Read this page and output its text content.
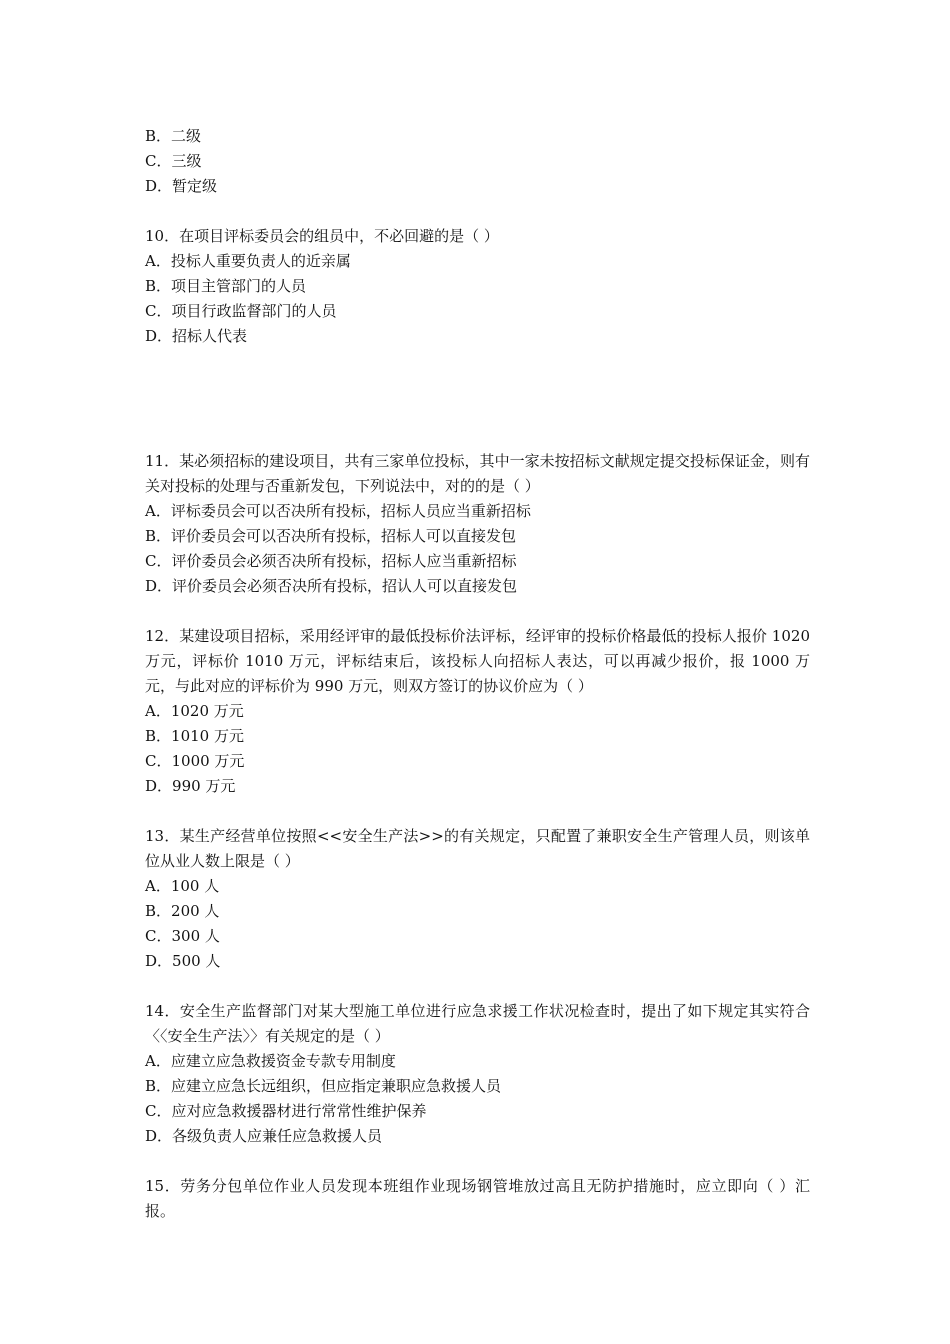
B．二级
C．三级
D．暂定级
10．在项目评标委员会的组员中，不必回避的是（ ）
A．投标人重要负责人的近亲属
B．项目主管部门的人员
C．项目行政监督部门的人员
D．招标人代表
11．某必须招标的建设项目，共有三家单位投标，其中一家未按招标文献规定提交投标保证金，则有关对投标的处理与否重新发包，下列说法中，对的的是（ ）
A．评标委员会可以否决所有投标，招标人员应当重新招标
B．评价委员会可以否决所有投标，招标人可以直接发包
C．评价委员会必须否决所有投标，招标人应当重新招标
D．评价委员会必须否决所有投标，招认人可以直接发包
12．某建设项目招标，采用经评审的最低投标价法评标，经评审的投标价格最低的投标人报价 1020 万元，评标价 1010 万元，评标结束后，该投标人向招标人表达，可以再减少报价，报 1000 万元，与此对应的评标价为 990 万元，则双方签订的协议价应为（ ）
A．1020 万元
B．1010 万元
C．1000 万元
D．990 万元
13．某生产经营单位按照<<安全生产法>>的有关规定，只配置了兼职安全生产管理人员，则该单位从业人数上限是（ ）
A．100 人
B．200 人
C．300 人
D．500 人
14．安全生产监督部门对某大型施工单位进行应急求援工作状况检查时，提出了如下规定其实符合〈〈安全生产法〉〉有关规定的是（ ）
A．应建立应急救援资金专款专用制度
B．应建立应急长远组织，但应指定兼职应急救援人员
C．应对应急救援器材进行常常性维护保养
D．各级负责人应兼任应急救援人员
15．劳务分包单位作业人员发现本班组作业现场钢管堆放过高且无防护措施时，应立即向（ ）汇报。
